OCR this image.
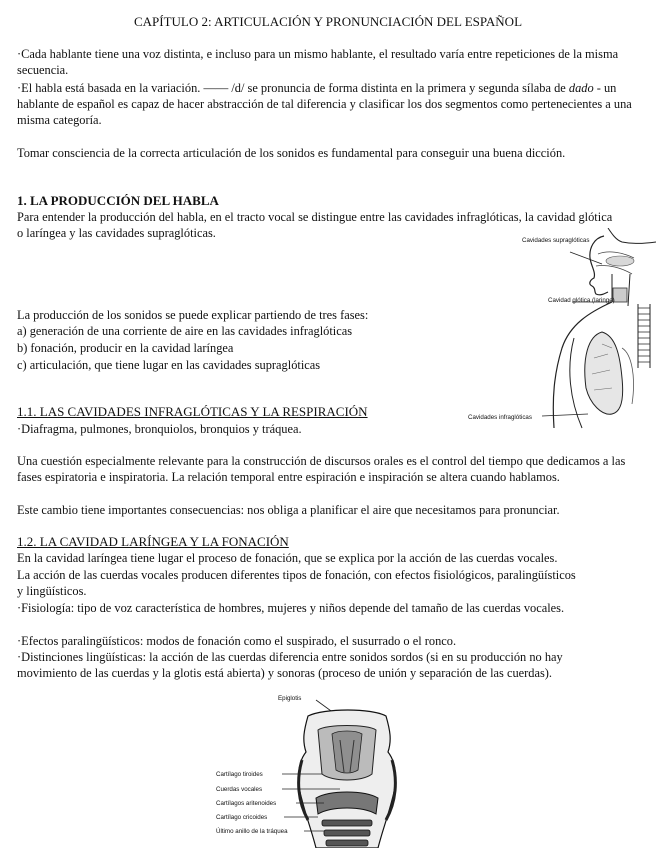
CAPÍTULO 2: ARTICULACIÓN Y PRONUNCIACIÓN DEL ESPAÑOL
·Cada hablante tiene una voz distinta, e incluso para un mismo hablante, el resultado varía entre repeticiones de la misma secuencia.
·El habla está basada en la variación. —— /d/ se pronuncia de forma distinta en la primera y segunda sílaba de dado - un hablante de español es capaz de hacer abstracción de tal diferencia y clasificar los dos segmentos como pertenecientes a una misma categoría.
Tomar consciencia de la correcta articulación de los sonidos es fundamental para conseguir una buena dicción.
1. LA PRODUCCIÓN DEL HABLA
Para entender la producción del habla, en el tracto vocal se distingue entre las cavidades infraglóticas, la cavidad glótica o laríngea y las cavidades supraglóticas.
La producción de los sonidos se puede explicar partiendo de tres fases:
a) generación de una corriente de aire en las cavidades infraglóticas
b) fonación, producir en la cavidad laríngea
c) articulación, que tiene lugar en las cavidades supraglóticas
Cavidades supraglóticas
Cavidad glótica (laringe)
Cavidades infraglóticas
1.1. LAS CAVIDADES INFRAGLÓTICAS Y LA RESPIRACIÓN
·Diafragma, pulmones, bronquiolos, bronquios y tráquea.
Una cuestión especialmente relevante para la construcción de discursos orales es el control del tiempo que dedicamos a las fases espiratoria e inspiratoria. La relación temporal entre espiración e inspiración se altera cuando hablamos.
Este cambio tiene importantes consecuencias: nos obliga a planificar el aire que necesitamos para pronunciar.
1.2. LA CAVIDAD LARÍNGEA Y LA FONACIÓN
En la cavidad laríngea tiene lugar el proceso de fonación, que se explica por la acción de las cuerdas vocales.
La acción de las cuerdas vocales producen diferentes tipos de fonación, con efectos fisiológicos, paralingüísticos y lingüísticos.
·Fisiología: tipo de voz característica de hombres, mujeres y niños depende del tamaño de las cuerdas vocales.
·Efectos paralingüísticos: modos de fonación como el suspirado, el susurrado o el ronco.
·Distinciones lingüísticas: la acción de las cuerdas diferencia entre sonidos sordos (si en su producción no hay movimiento de las cuerdas y la glotis está abierta) y sonoras (proceso de unión y separación de las cuerdas).
Epiglotis
Cartílago tiroides
Cuerdas vocales
Cartílagos aritenoides
Cartílago cricoides
Último anillo de la tráquea
